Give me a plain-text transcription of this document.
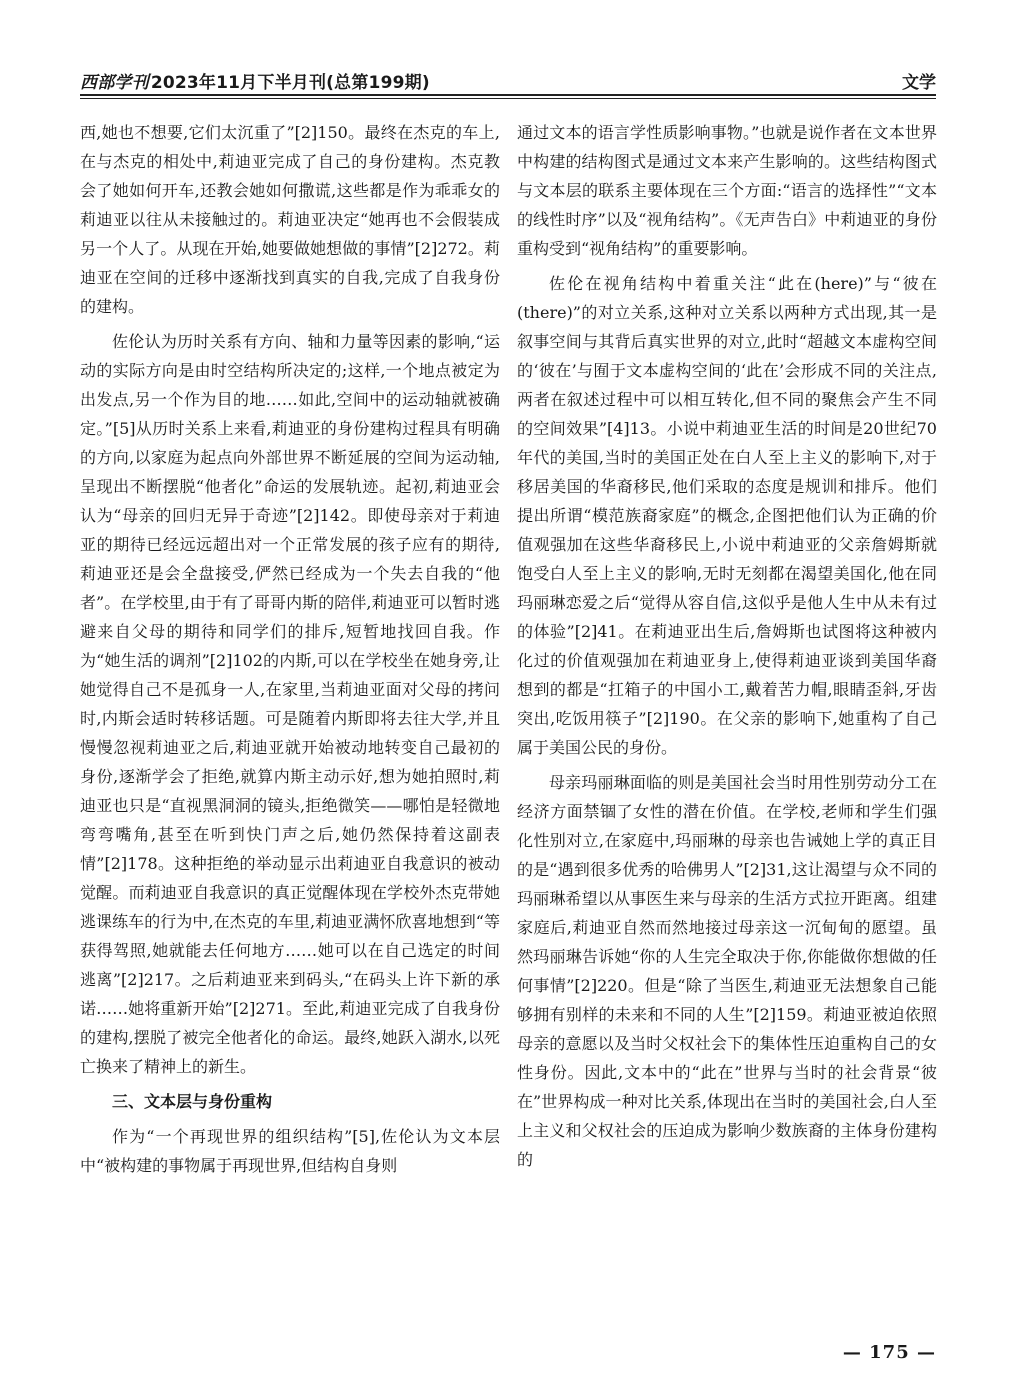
西部学刊 2023年11月下半月刊(总第199期)	文学

西,她也不想要,它们太沉重了”[2]150。最终在杰克的车上,在与杰克的相处中,莉迪亚完成了自己的身份建构。杰克教会了她如何开车,还教会她如何撒谎,这些都是作为乖乖女的莉迪亚以往从未接触过的。莉迪亚决定“她再也不会假装成另一个人了。从现在开始,她要做她想做的事情”[2]272。莉迪亚在空间的迁移中逐渐找到真实的自我,完成了自我身份的建构。

佐伦认为历时关系有方向、轴和力量等因素的影响,“运动的实际方向是由时空结构所决定的;这样,一个地点被定为出发点,另一个作为目的地……如此,空间中的运动轴就被确定。”[5]从历时关系上来看,莉迪亚的身份建构过程具有明确的方向,以家庭为起点向外部世界不断延展的空间为运动轴,呈现出不断摆脱“他者化”命运的发展轨迹。起初,莉迪亚会认为“母亲的回归无异于奇迹”[2]142。即使母亲对于莉迪亚的期待已经远远超出对一个正常发展的孩子应有的期待,莉迪亚还是会全盘接受,俨然已经成为一个失去自我的“他者”。在学校里,由于有了哥哥内斯的陪伴,莉迪亚可以暂时逃避来自父母的期待和同学们的排斥,短暂地找回自我。作为“她生活的调剂”[2]102的内斯,可以在学校坐在她身旁,让她觉得自己不是孤身一人,在家里,当莉迪亚面对父母的拷问时,内斯会适时转移话题。可是随着内斯即将去往大学,并且慢慢忽视莉迪亚之后,莉迪亚就开始被动地转变自己最初的身份,逐渐学会了拒绝,就算内斯主动示好,想为她拍照时,莉迪亚也只是“直视黑洞洞的镜头,拒绝微笑——哪怕是轻微地弯弯嘴角,甚至在听到快门声之后,她仍然保持着这副表情”[2]178。这种拒绝的举动显示出莉迪亚自我意识的被动觉醒。而莉迪亚自我意识的真正觉醒体现在学校外杰克带她逃课练车的行为中,在杰克的车里,莉迪亚满怀欣喜地想到“等获得驾照,她就能去任何地方……她可以在自己选定的时间逃离”[2]217。之后莉迪亚来到码头,“在码头上许下新的承诺……她将重新开始”[2]271。至此,莉迪亚完成了自我身份的建构,摆脱了被完全他者化的命运。最终,她跃入湖水,以死亡换来了精神上的新生。

三、文本层与身份重构

作为“一个再现世界的组织结构”[5],佐伦认为文本层中“被构建的事物属于再现世界,但结构自身则

通过文本的语言学性质影响事物。”也就是说作者在文本世界中构建的结构图式是通过文本来产生影响的。这些结构图式与文本层的联系主要体现在三个方面:“语言的选择性”“文本的线性时序”以及“视角结构”。《无声告白》中莉迪亚的身份重构受到“视角结构”的重要影响。

佐伦在视角结构中着重关注“此在(here)”与“彼在(there)”的对立关系,这种对立关系以两种方式出现,其一是叙事空间与其背后真实世界的对立,此时“超越文本虚构空间的‘彼在’与囿于文本虚构空间的‘此在’会形成不同的关注点,两者在叙述过程中可以相互转化,但不同的聚焦会产生不同的空间效果”[4]13。小说中莉迪亚生活的时间是20世纪70年代的美国,当时的美国正处在白人至上主义的影响下,对于移居美国的华裔移民,他们采取的态度是规训和排斥。他们提出所谓“模范族裔家庭”的概念,企图把他们认为正确的价值观强加在这些华裔移民上,小说中莉迪亚的父亲詹姆斯就饱受白人至上主义的影响,无时无刻都在渴望美国化,他在同玛丽琳恋爱之后“觉得从容自信,这似乎是他人生中从未有过的体验”[2]41。在莉迪亚出生后,詹姆斯也试图将这种被内化过的价值观强加在莉迪亚身上,使得莉迪亚谈到美国华裔想到的都是“扛箱子的中国小工,戴着苦力帽,眼睛歪斜,牙齿突出,吃饭用筷子”[2]190。在父亲的影响下,她重构了自己属于美国公民的身份。

母亲玛丽琳面临的则是美国社会当时用性别劳动分工在经济方面禁锢了女性的潜在价值。在学校,老师和学生们强化性别对立,在家庭中,玛丽琳的母亲也告诫她上学的真正目的是“遇到很多优秀的哈佛男人”[2]31,这让渴望与众不同的玛丽琳希望以从事医生来与母亲的生活方式拉开距离。组建家庭后,莉迪亚自然而然地接过母亲这一沉甸甸的愿望。虽然玛丽琳告诉她“你的人生完全取决于你,你能做你想做的任何事情”[2]220。但是“除了当医生,莉迪亚无法想象自己能够拥有别样的未来和不同的人生”[2]159。莉迪亚被迫依照母亲的意愿以及当时父权社会下的集体性压迫重构自己的女性身份。因此,文本中的“此在”世界与当时的社会背景“彼在”世界构成一种对比关系,体现出在当时的美国社会,白人至上主义和父权社会的压迫成为影响少数族裔的主体身份建构的

— 175 —
